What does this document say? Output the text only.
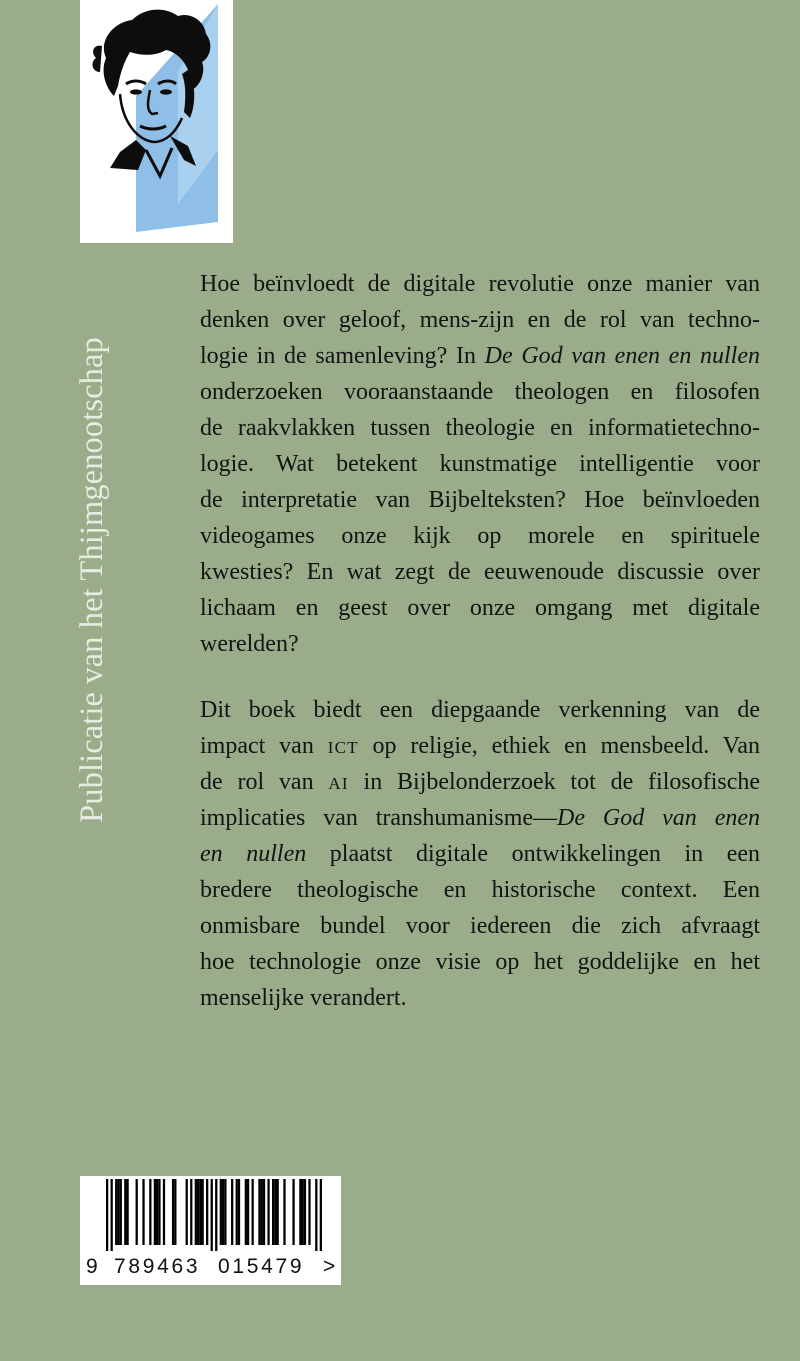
Publicatie van het Thijmgenootschap
Hoe beïnvloedt de digitale revolutie onze manier van
denken over geloof, mens-zijn en de rol van techno-
logie in de samenleving? In De God van enen en nullen
onderzoeken vooraanstaande theologen en filosofen
de raakvlakken tussen theologie en informatietechno-
logie. Wat betekent kunstmatige intelligentie voor
de interpretatie van Bijbelteksten? Hoe beïnvloeden
videogames onze kijk op morele en spirituele
kwesties? En wat zegt de eeuwenoude discussie over
lichaam en geest over onze omgang met digitale
werelden?
Dit boek biedt een diepgaande verkenning van de
impact van ICT op religie, ethiek en mensbeeld. Van
de rol van AI in Bijbelonderzoek tot de filosofische
implicaties van transhumanisme—De God van enen
en nullen plaatst digitale ontwikkelingen in een
bredere theologische en historische context. Een
onmisbare bundel voor iedereen die zich afvraagt
hoe technologie onze visie op het goddelijke en het
menselijke verandert.
9 789463 015479 >
